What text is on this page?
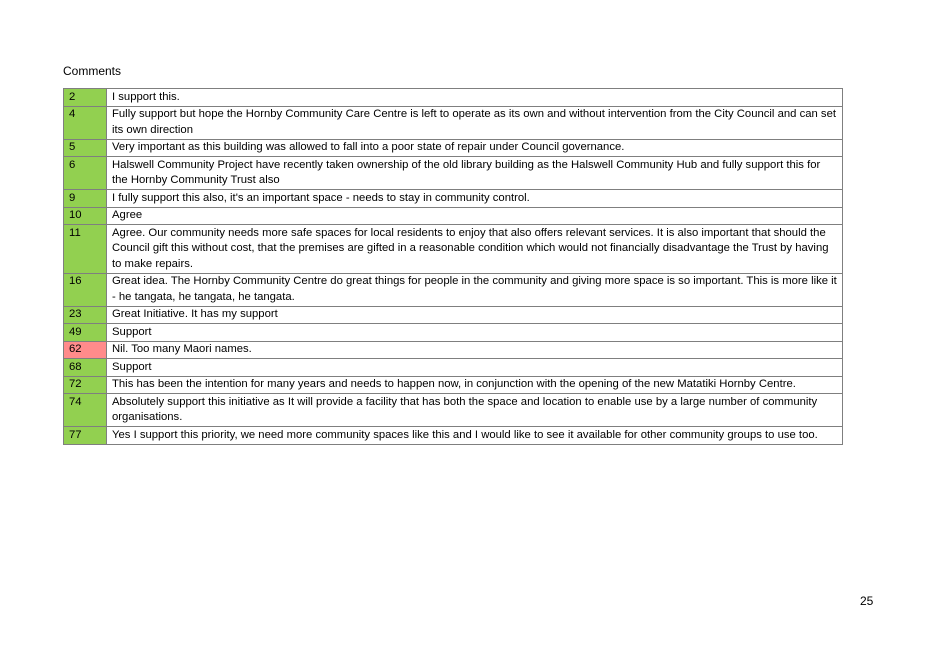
Comments
2	I support this.
4	Fully support but hope the Hornby Community Care Centre is left to operate as its own and without intervention from the City Council and can set its own direction
5	Very important as this building was allowed to fall into a poor state of repair under Council governance.
6	Halswell Community Project have recently taken ownership of the old library building as the Halswell Community Hub and fully support this for the Hornby Community Trust also
9	I fully support this also, it's an important space - needs to stay in community control.
10	Agree
11	Agree. Our community needs more safe spaces for local residents to enjoy that also offers relevant services. It is also important that should the Council gift this without cost, that the premises are gifted in a reasonable condition which would not financially disadvantage the Trust by having to make repairs.
16	Great idea. The Hornby Community Centre do great things for people in the community and giving more space is so important. This is more like it - he tangata, he tangata, he tangata.
23	Great Initiative. It has my support
49	Support
62	Nil. Too many Maori names.
68	Support
72	This has been the intention for many years and needs to happen now, in conjunction with the opening of the new Matatiki Hornby Centre.
74	Absolutely support this initiative as It will provide a facility that has both the space and location to enable use by a large number of community organisations.
77	Yes I support this priority, we need more community spaces like this and I would like to see it available for other community groups to use too.
25
